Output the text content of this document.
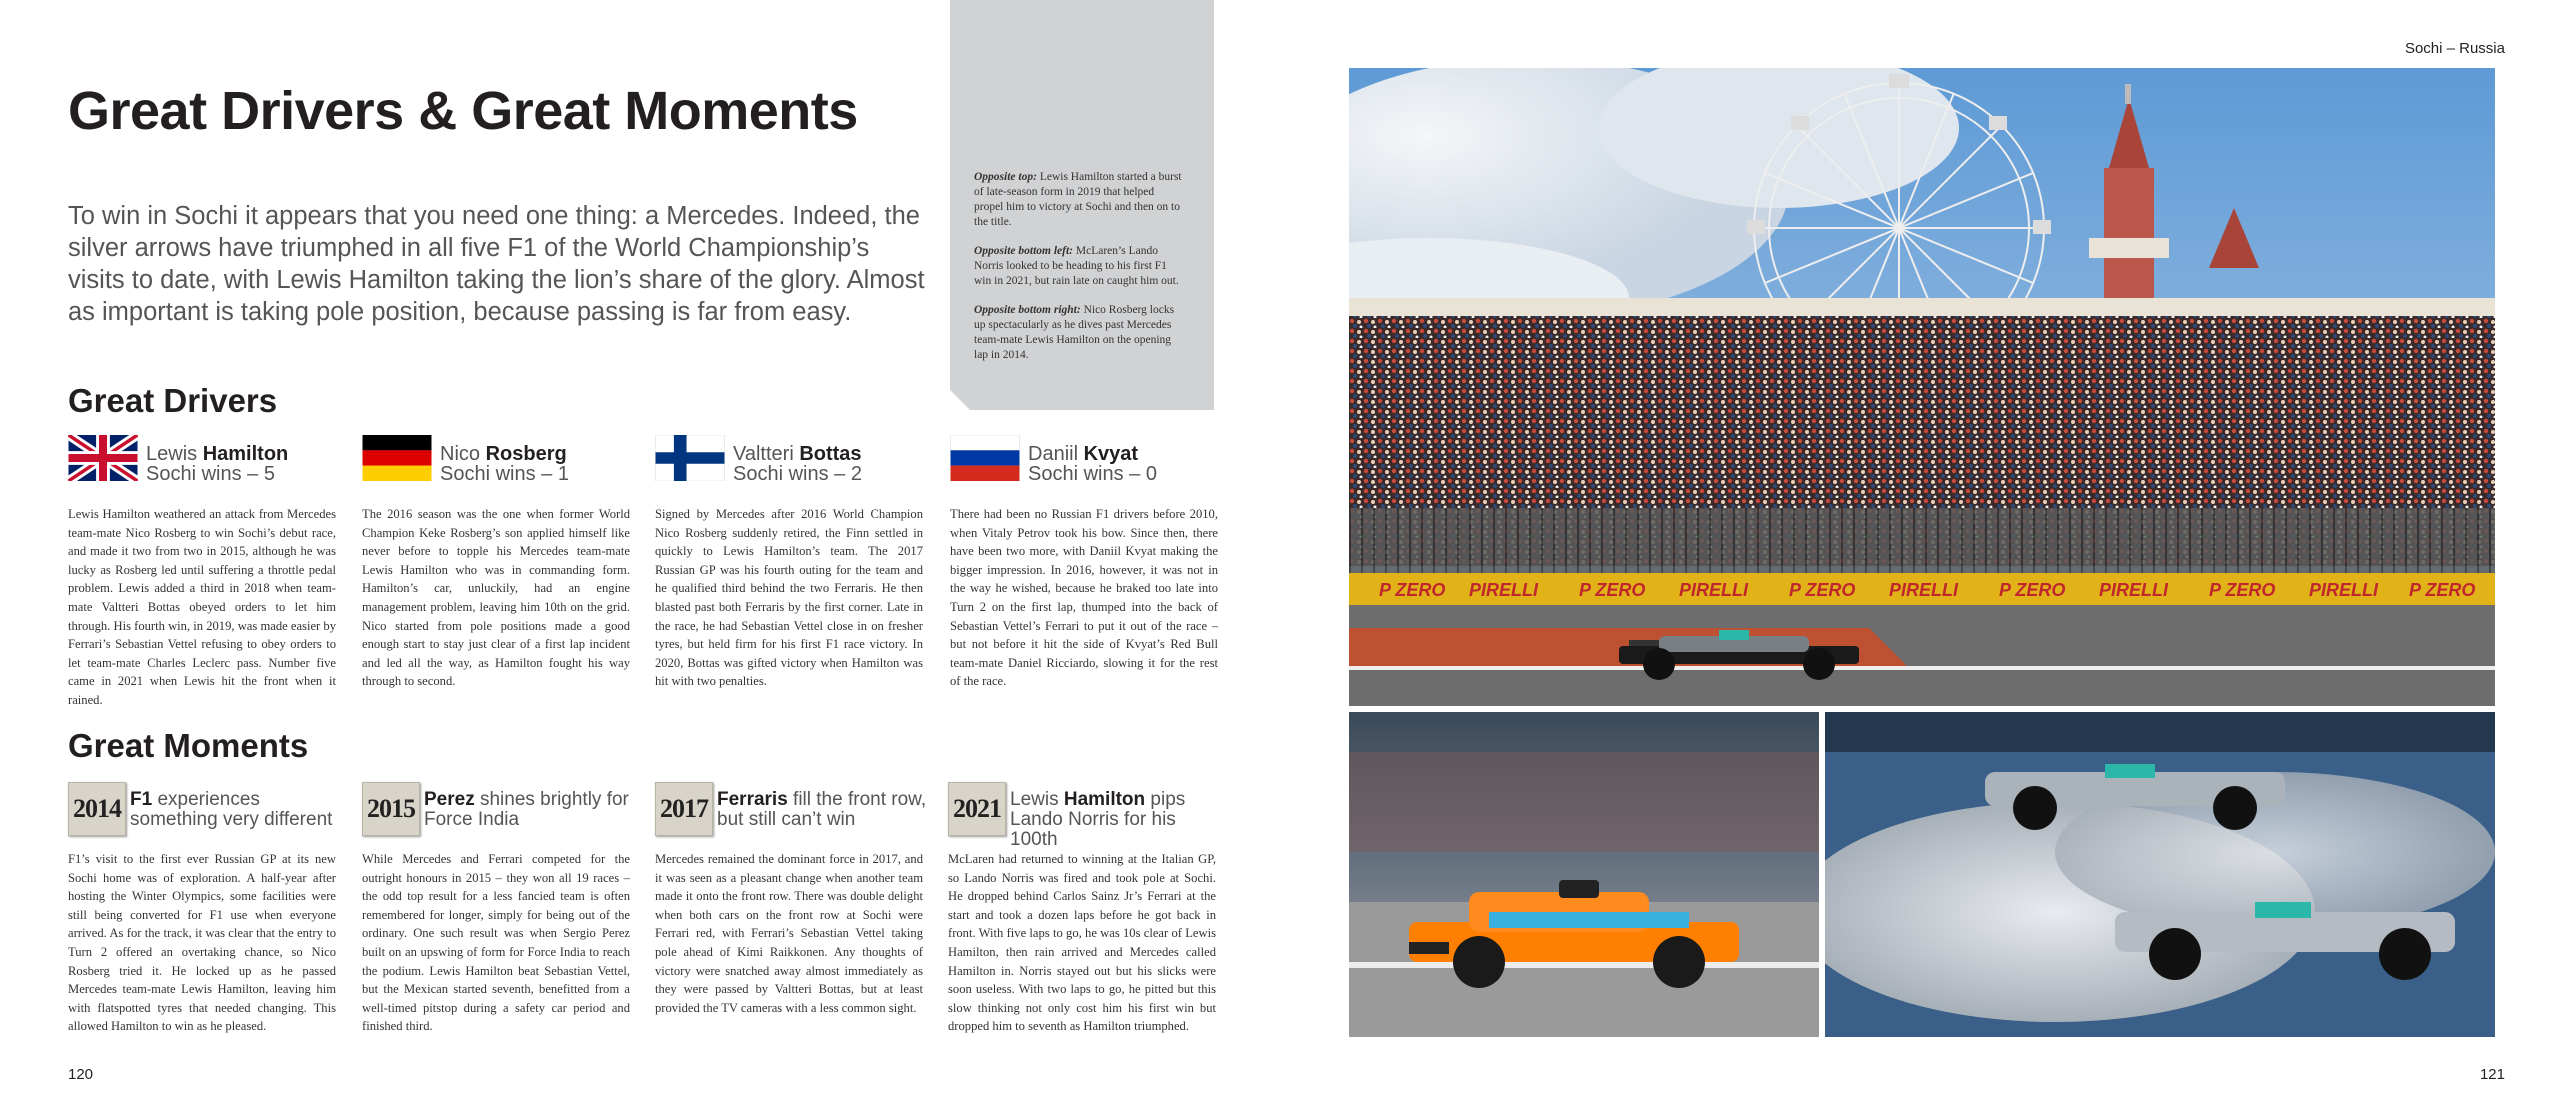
Great Drivers & Great Moments
To win in Sochi it appears that you need one thing: a Mercedes. Indeed, the silver arrows have triumphed in all five F1 of the World Championship’s visits to date, with Lewis Hamilton taking the lion’s share of the glory. Almost as important is taking pole position, because passing is far from easy.

Opposite top: Lewis Hamilton started a burst of late-season form in 2019 that helped propel him to victory at Sochi and then on to the title.

Opposite bottom left: McLaren’s Lando Norris looked to be heading to his first F1 win in 2021, but rain late on caught him out.

Opposite bottom right: Nico Rosberg locks up spectacularly as he dives past Mercedes team-mate Lewis Hamilton on the opening lap in 2014.

Great Drivers
Lewis Hamilton
Sochi wins – 5
Lewis Hamilton weathered an attack from Mercedes team-mate Nico Rosberg to win Sochi’s debut race, and made it two from two in 2015, although he was lucky as Rosberg led until suffering a throttle pedal problem. Lewis added a third in 2018 when team-mate Valtteri Bottas obeyed orders to let him through. His fourth win, in 2019, was made easier by Ferrari’s Sebastian Vettel refusing to obey orders to let team-mate Charles Leclerc pass. Number five came in 2021 when Lewis hit the front when it rained.
Nico Rosberg
Sochi wins – 1
The 2016 season was the one when former World Champion Keke Rosberg’s son applied himself like never before to topple his Mercedes team-mate Lewis Hamilton who was in commanding form. Hamilton’s car, unluckily, had an engine management problem, leaving him 10th on the grid. Nico started from pole positions made a good enough start to stay just clear of a first lap incident and led all the way, as Hamilton fought his way through to second.
Valtteri Bottas
Sochi wins – 2
Signed by Mercedes after 2016 World Champion Nico Rosberg suddenly retired, the Finn settled in quickly to Lewis Hamilton’s team. The 2017 Russian GP was his fourth outing for the team and he qualified third behind the two Ferraris. He then blasted past both Ferraris by the first corner. Late in the race, he had Sebastian Vettel close in on fresher tyres, but held firm for his first F1 race victory. In 2020, Bottas was gifted victory when Hamilton was hit with two penalties.
Daniil Kvyat
Sochi wins – 0
There had been no Russian F1 drivers before 2010, when Vitaly Petrov took his bow. Since then, there have been two more, with Daniil Kvyat making the bigger impression. In 2016, however, it was not in the way he wished, because he braked too late into Turn 2 on the first lap, thumped into the back of Sebastian Vettel’s Ferrari to put it out of the race – but not before it hit the side of Kvyat’s Red Bull team-mate Daniel Ricciardo, slowing it for the rest of the race.
Great Moments
2014 F1 experiences something very different
F1’s visit to the first ever Russian GP at its new Sochi home was of exploration. A half-year after hosting the Winter Olympics, some facilities were still being converted for F1 use when everyone arrived. As for the track, it was clear that the entry to Turn 2 offered an overtaking chance, so Nico Rosberg tried it. He locked up as he passed Mercedes team-mate Lewis Hamilton, leaving him with flatspotted tyres that needed changing. This allowed Hamilton to win as he pleased.
2015 Perez shines brightly for Force India
While Mercedes and Ferrari competed for the outright honours in 2015 – they won all 19 races – the odd top result for a less fancied team is often remembered for longer, simply for being out of the ordinary. One such result was when Sergio Perez built on an upswing of form for Force India to reach the podium. Lewis Hamilton beat Sebastian Vettel, but the Mexican started seventh, benefitted from a well-timed pitstop during a safety car period and finished third.
2017 Ferraris fill the front row, but still can’t win
Mercedes remained the dominant force in 2017, and it was seen as a pleasant change when another team made it onto the front row. There was double delight when both cars on the front row at Sochi were Ferrari red, with Ferrari’s Sebastian Vettel taking pole ahead of Kimi Raikkonen. Any thoughts of victory were snatched away almost immediately as they were passed by Valtteri Bottas, but at least provided the TV cameras with a less common sight.
2021 Lewis Hamilton pips Lando Norris for his 100th
McLaren had returned to winning at the Italian GP, so Lando Norris was fired and took pole at Sochi. He dropped behind Carlos Sainz Jr’s Ferrari at the start and took a dozen laps before he got back in front. With five laps to go, he was 10s clear of Lewis Hamilton, then rain arrived and Mercedes called Hamilton in. Norris stayed out but his slicks were soon useless. With two laps to go, he pitted but this slow thinking not only cost him his first win but dropped him to seventh as Hamilton triumphed.
120
Sochi – Russia
P ZERO PIRELLI P ZERO PIRELLI P ZERO PIRELLI P ZERO PIRELLI P ZERO PIRELLI P ZERO
121
